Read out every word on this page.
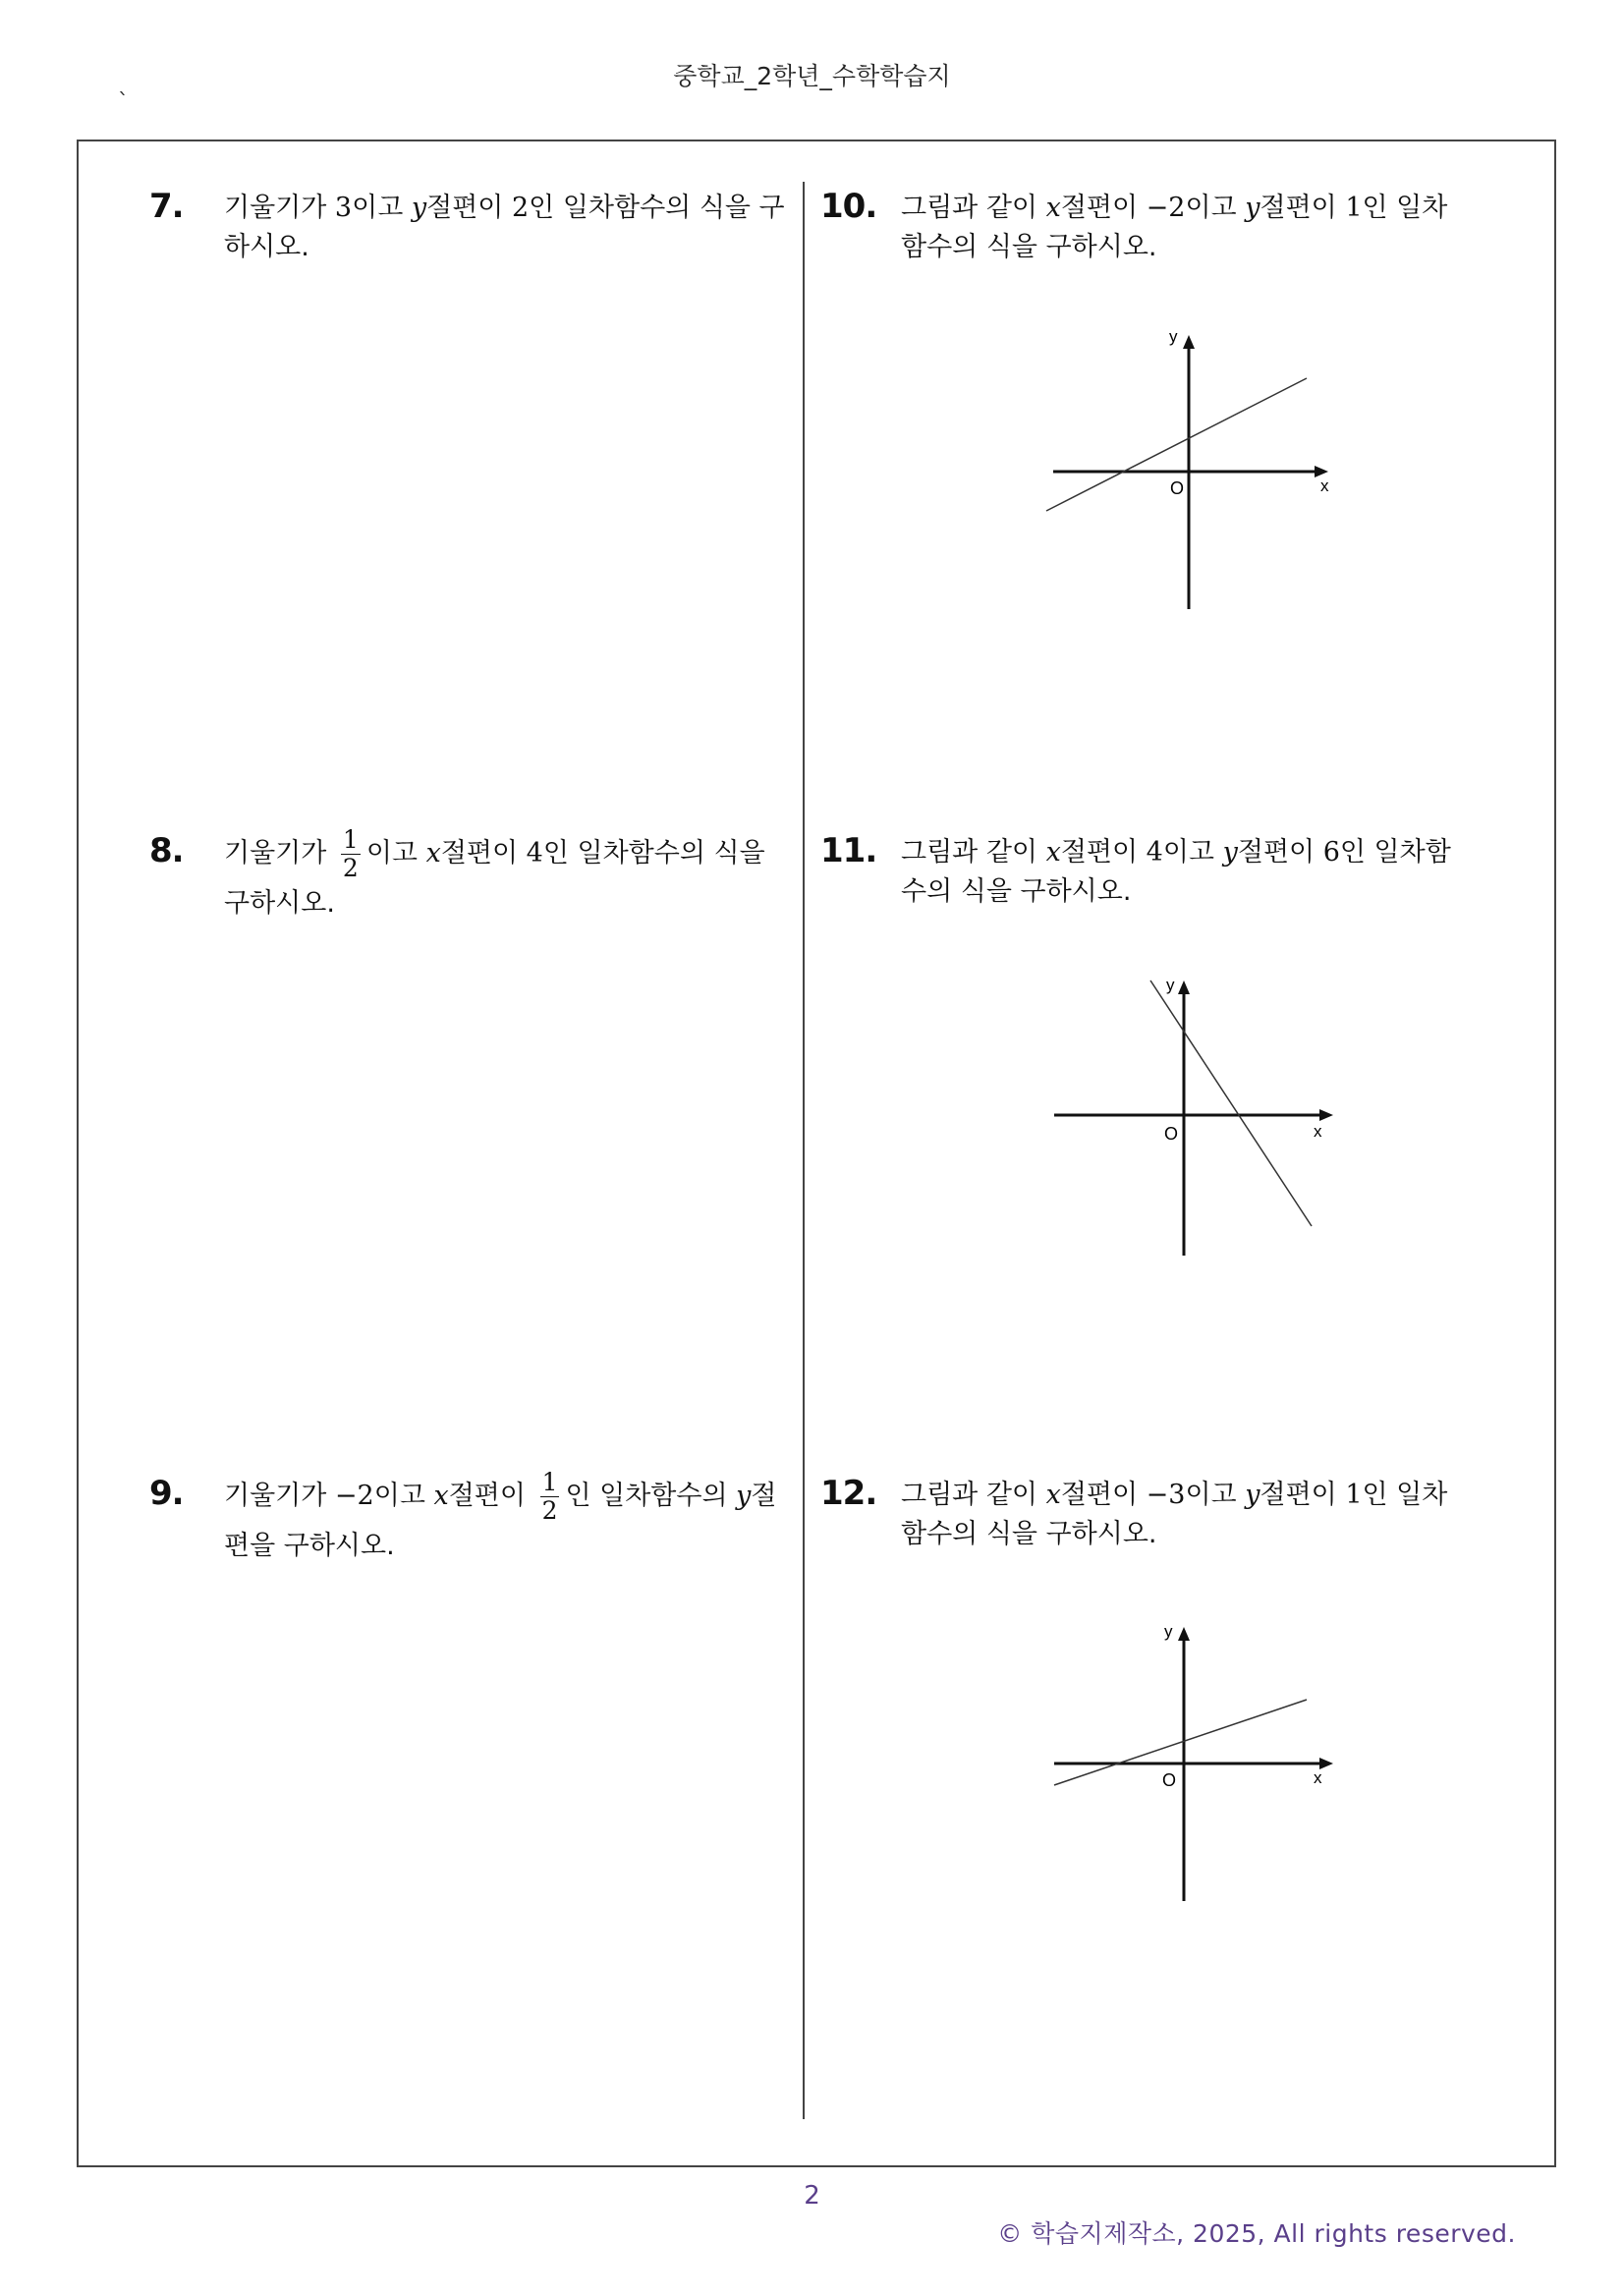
중학교_2학년_수학학습지
`
7. 기울기가 3이고 y절편이 2인 일차함수의 식을 구
하시오.
8. 기울기가 $\frac{1}{2}$ 이고 x절편이 4인 일차함수의 식을
구하시오.
9. 기울기가 −2이고 x절편이 $\frac{1}{2}$ 인 일차함수의 y절
편을 구하시오.
10. 그림과 같이 x절편이 −2이고 y절편이 1인 일차
함수의 식을 구하시오.
y
x
O
11. 그림과 같이 x절편이 4이고 y절편이 6인 일차함
수의 식을 구하시오.
y
x
O
12. 그림과 같이 x절편이 −3이고 y절편이 1인 일차
함수의 식을 구하시오.
y
x
O
2
© 학습지제작소, 2025, All rights reserved.
